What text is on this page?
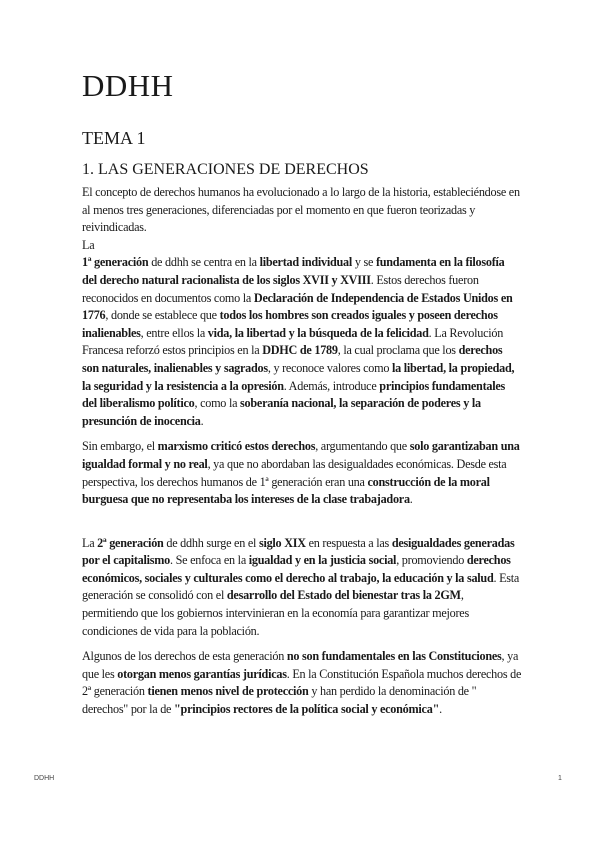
DDHH
TEMA 1
1. LAS GENERACIONES DE DERECHOS

El concepto de derechos humanos ha evolucionado a lo largo de la historia, estableciéndose en al menos tres generaciones, diferenciadas por el momento en que fueron teorizadas y reivindicadas.

La

1ª generación de ddhh se centra en la libertad individual y se fundamenta en la filosofía del derecho natural racionalista de los siglos XVII y XVIII. Estos derechos fueron reconocidos en documentos como la Declaración de Independencia de Estados Unidos en 1776, donde se establece que todos los hombres son creados iguales y poseen derechos inalienables, entre ellos la vida, la libertad y la búsqueda de la felicidad. La Revolución Francesa reforzó estos principios en la DDHC de 1789, la cual proclama que los derechos son naturales, inalienables y sagrados, y reconoce valores como la libertad, la propiedad, la seguridad y la resistencia a la opresión. Además, introduce principios fundamentales del liberalismo político, como la soberanía nacional, la separación de poderes y la presunción de inocencia.

Sin embargo, el marxismo criticó estos derechos, argumentando que solo garantizaban una igualdad formal y no real, ya que no abordaban las desigualdades económicas. Desde esta perspectiva, los derechos humanos de 1ª generación eran una construcción de la moral burguesa que no representaba los intereses de la clase trabajadora.

La 2ª generación de ddhh surge en el siglo XIX en respuesta a las desigualdades generadas por el capitalismo. Se enfoca en la igualdad y en la justicia social, promoviendo derechos económicos, sociales y culturales como el derecho al trabajo, la educación y la salud. Esta generación se consolidó con el desarrollo del Estado del bienestar tras la 2GM, permitiendo que los gobiernos intervinieran en la economía para garantizar mejores condiciones de vida para la población.

Algunos de los derechos de esta generación no son fundamentales en las Constituciones, ya que les otorgan menos garantías jurídicas. En la Constitución Española muchos derechos de 2ª generación tienen menos nivel de protección y han perdido la denominación de " derechos" por la de "principios rectores de la política social y económica".

DDHH	1
